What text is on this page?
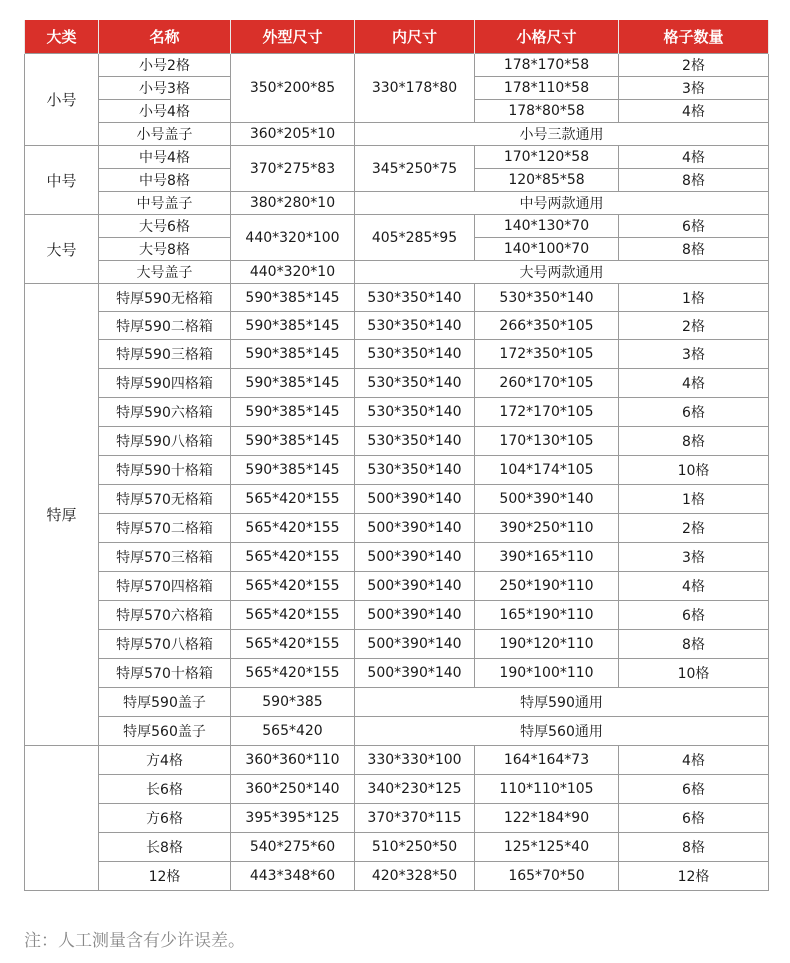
大类	名称	外型尺寸	内尺寸	小格尺寸	格子数量
小号	小号2格	350*200*85	330*178*80	178*170*58	2格
	小号3格			178*110*58	3格
	小号4格			178*80*58	4格
	小号盖子	360*205*10	小号三款通用		
中号	中号4格	370*275*83	345*250*75	170*120*58	4格
	中号8格			120*85*58	8格
	中号盖子	380*280*10	中号两款通用		
大号	大号6格	440*320*100	405*285*95	140*130*70	6格
	大号8格			140*100*70	8格
	大号盖子	440*320*10	大号两款通用		
特厚	特厚590无格箱	590*385*145	530*350*140	530*350*140	1格
	特厚590二格箱	590*385*145	530*350*140	266*350*105	2格
	特厚590三格箱	590*385*145	530*350*140	172*350*105	3格
	特厚590四格箱	590*385*145	530*350*140	260*170*105	4格
	特厚590六格箱	590*385*145	530*350*140	172*170*105	6格
	特厚590八格箱	590*385*145	530*350*140	170*130*105	8格
	特厚590十格箱	590*385*145	530*350*140	104*174*105	10格
	特厚570无格箱	565*420*155	500*390*140	500*390*140	1格
	特厚570二格箱	565*420*155	500*390*140	390*250*110	2格
	特厚570三格箱	565*420*155	500*390*140	390*165*110	3格
	特厚570四格箱	565*420*155	500*390*140	250*190*110	4格
	特厚570六格箱	565*420*155	500*390*140	165*190*110	6格
	特厚570八格箱	565*420*155	500*390*140	190*120*110	8格
	特厚570十格箱	565*420*155	500*390*140	190*100*110	10格
	特厚590盖子	590*385	特厚590通用		
	特厚560盖子	565*420	特厚560通用		
	方4格	360*360*110	330*330*100	164*164*73	4格
	长6格	360*250*140	340*230*125	110*110*105	6格
	方6格	395*395*125	370*370*115	122*184*90	6格
	长8格	540*275*60	510*250*50	125*125*40	8格
	12格	443*348*60	420*328*50	165*70*50	12格
注：人工测量含有少许误差。
